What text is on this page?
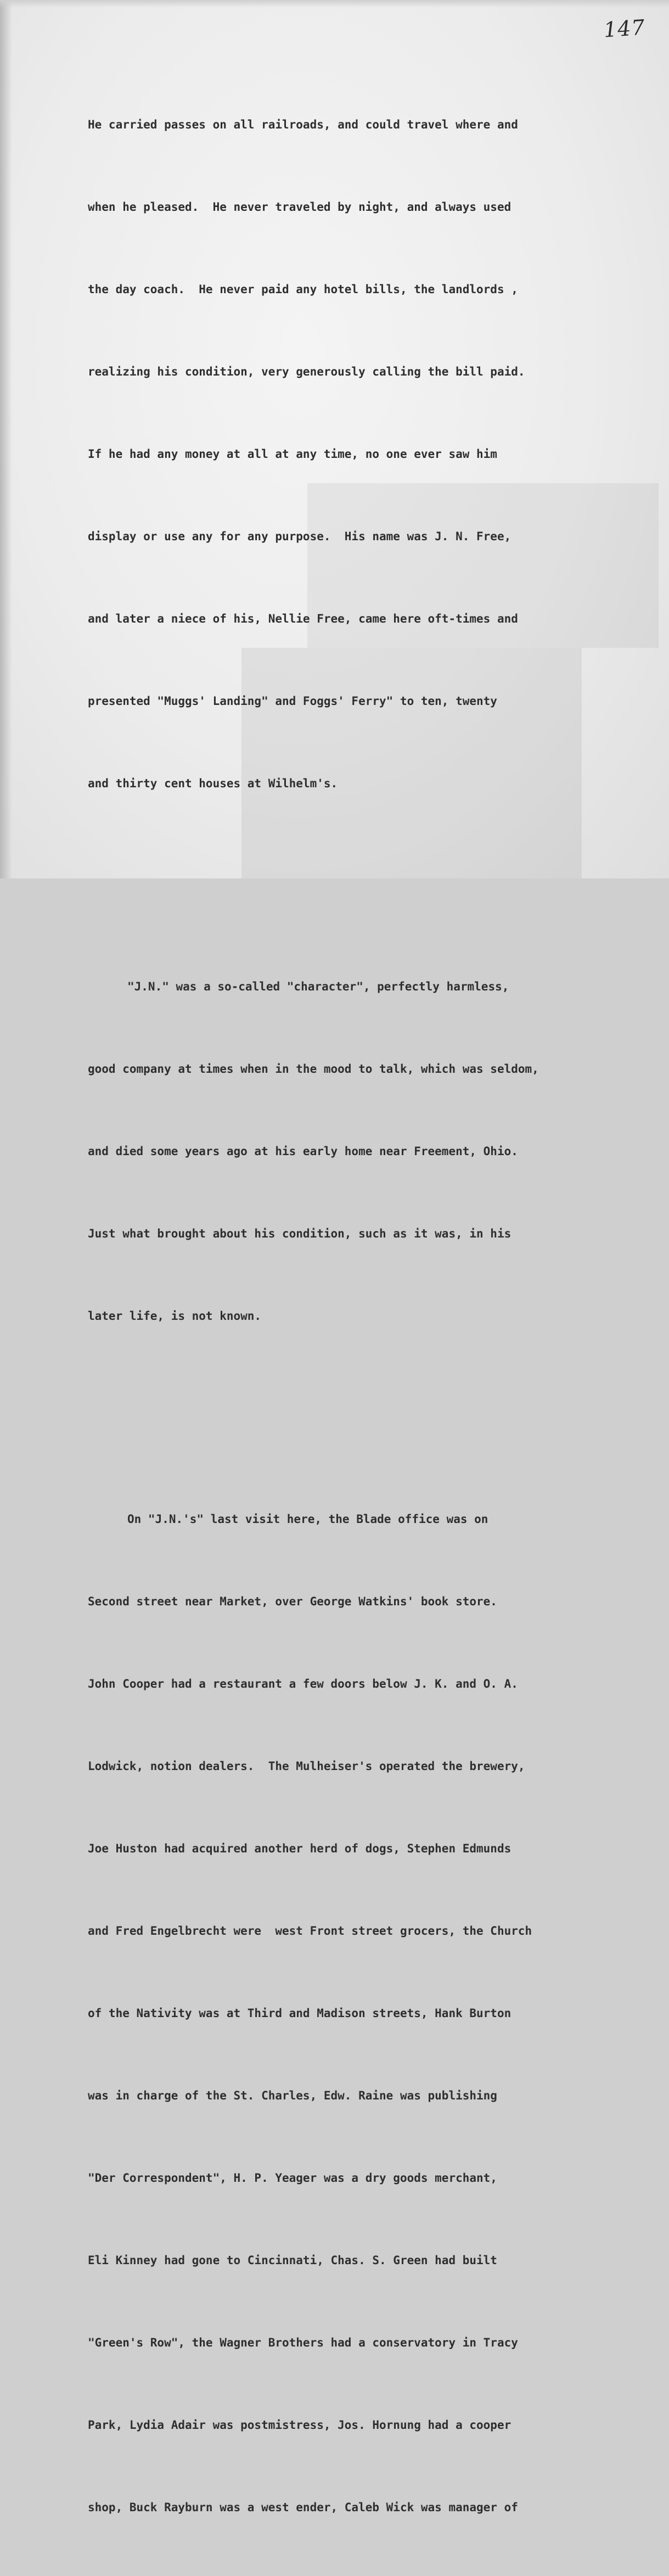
147

He carried passes on all railroads, and could travel where and

when he pleased.  He never traveled by night, and always used

the day coach.  He never paid any hotel bills, the landlords ,

realizing his condition, very generously calling the bill paid.

If he had any money at all at any time, no one ever saw him

display or use any for any purpose.  His name was J. N. Free,

and later a niece of his, Nellie Free, came here oft-times and

presented "Muggs' Landing" and Foggs' Ferry" to ten, twenty

and thirty cent houses at Wilhelm's.

"J.N." was a so-called "character", perfectly harmless,

good company at times when in the mood to talk, which was seldom,

and died some years ago at his early home near Freement, Ohio.

Just what brought about his condition, such as it was, in his

later life, is not known.

On "J.N.'s" last visit here, the Blade office was on

Second street near Market, over George Watkins' book store.

John Cooper had a restaurant a few doors below J. K. and O. A.

Lodwick, notion dealers.  The Mulheiser's operated the brewery,

Joe Huston had acquired another herd of dogs, Stephen Edmunds

and Fred Engelbrecht were  west Front street grocers, the Church

of the Nativity was at Third and Madison streets, Hank Burton

was in charge of the St. Charles, Edw. Raine was publishing

"Der Correspondent", H. P. Yeager was a dry goods merchant,

Eli Kinney had gone to Cincinnati, Chas. S. Green had built

"Green's Row", the Wagner Brothers had a conservatory in Tracy

Park, Lydia Adair was postmistress, Jos. Hornung had a cooper

shop, Buck Rayburn was a west ender, Caleb Wick was manager of
